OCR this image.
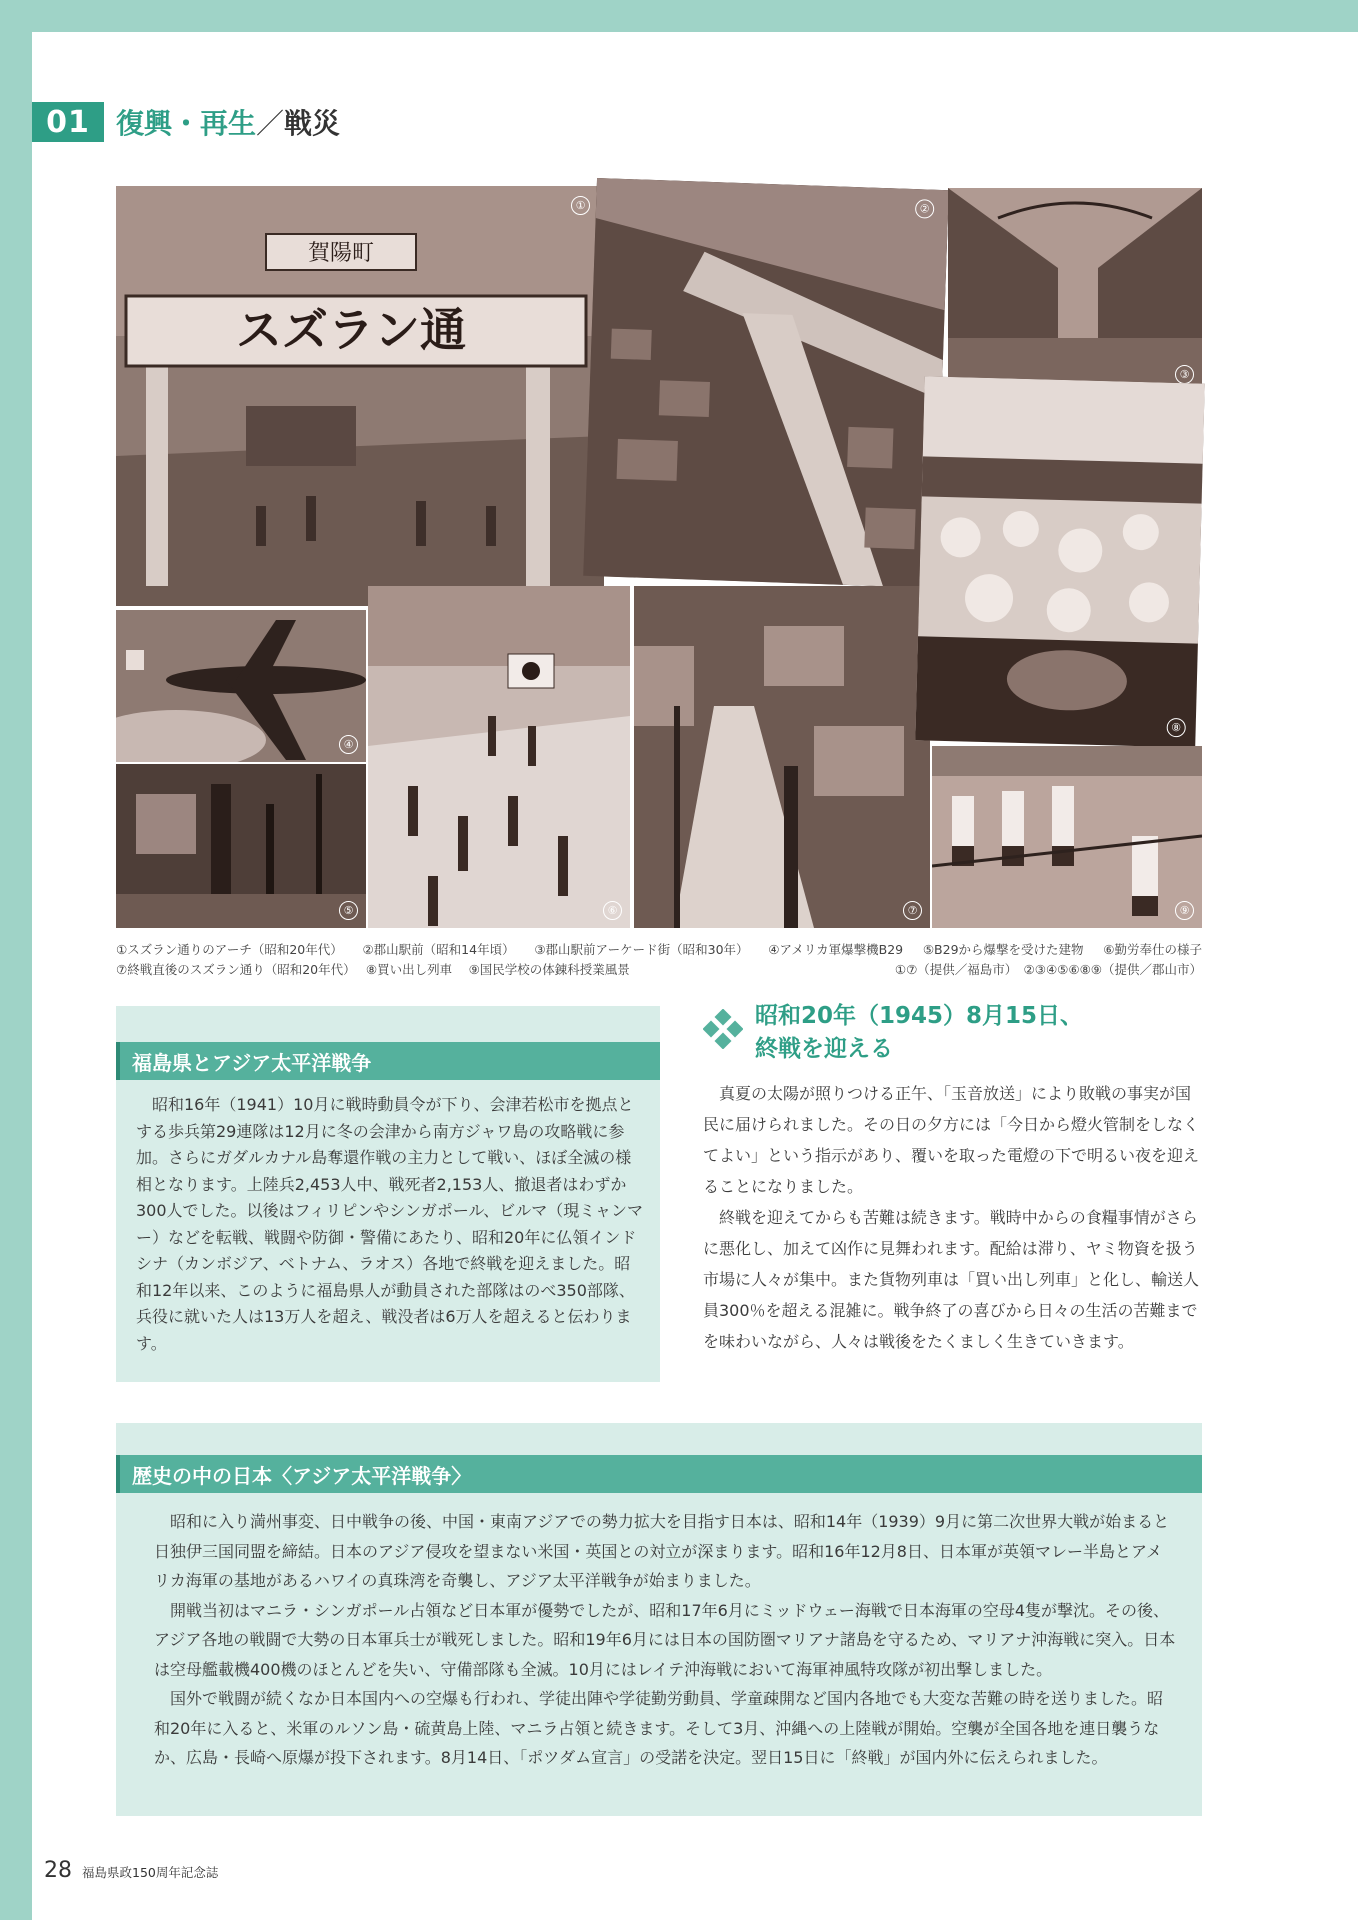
01 復興・再生／戦災
スズラン通
賀陽町
①	②
③
④
⑤	⑥	⑦
⑧
⑨
①スズラン通りのアーチ（昭和20年代） ②郡山駅前（昭和14年頃） ③郡山駅前アーケード街（昭和30年） ④アメリカ軍爆撃機B29 ⑤B29から爆撃を受けた建物 ⑥勤労奉仕の様子
⑦終戦直後のスズラン通り（昭和20年代）　 ⑧買い出し列車　 ⑨国民学校の体錬科授業風景	①⑦（提供／福島市）　②③④⑤⑥⑧⑨（提供／郡山市）
福島県とアジア太平洋戦争

昭和16年（1941）10月に戦時動員令が下り、会津若松市を拠点とする歩兵第29連隊は12月に冬の会津から南方ジャワ島の攻略戦に参加。さらにガダルカナル島奪還作戦の主力として戦い、ほぼ全滅の様相となります。上陸兵2,453人中、戦死者2,153人、撤退者はわずか300人でした。以後はフィリピンやシンガポール、ビルマ（現ミャンマー）などを転戦、戦闘や防御・警備にあたり、昭和20年に仏領インドシナ（カンボジア、ベトナム、ラオス）各地で終戦を迎えました。昭和12年以来、このように福島県人が動員された部隊はのべ350部隊、兵役に就いた人は13万人を超え、戦没者は6万人を超えると伝わります。

昭和20年（1945）8月15日、
終戦を迎える

真夏の太陽が照りつける正午、「玉音放送」により敗戦の事実が国民に届けられました。その日の夕方には「今日から燈火管制をしなくてよい」という指示があり、覆いを取った電燈の下で明るい夜を迎えることになりました。

終戦を迎えてからも苦難は続きます。戦時中からの食糧事情がさらに悪化し、加えて凶作に見舞われます。配給は滞り、ヤミ物資を扱う市場に人々が集中。また貨物列車は「買い出し列車」と化し、輸送人員300％を超える混雑に。戦争終了の喜びから日々の生活の苦難までを味わいながら、人々は戦後をたくましく生きていきます。

歴史の中の日本〈アジア太平洋戦争〉

昭和に入り満州事変、日中戦争の後、中国・東南アジアでの勢力拡大を目指す日本は、昭和14年（1939）9月に第二次世界大戦が始まると日独伊三国同盟を締結。日本のアジア侵攻を望まない米国・英国との対立が深まります。昭和16年12月8日、日本軍が英領マレー半島とアメリカ海軍の基地があるハワイの真珠湾を奇襲し、アジア太平洋戦争が始まりました。

開戦当初はマニラ・シンガポール占領など日本軍が優勢でしたが、昭和17年6月にミッドウェー海戦で日本海軍の空母4隻が撃沈。その後、アジア各地の戦闘で大勢の日本軍兵士が戦死しました。昭和19年6月には日本の国防圏マリアナ諸島を守るため、マリアナ沖海戦に突入。日本は空母艦載機400機のほとんどを失い、守備部隊も全滅。10月にはレイテ沖海戦において海軍神風特攻隊が初出撃しました。

国外で戦闘が続くなか日本国内への空爆も行われ、学徒出陣や学徒勤労動員、学童疎開など国内各地でも大変な苦難の時を送りました。昭和20年に入ると、米軍のルソン島・硫黄島上陸、マニラ占領と続きます。そして3月、沖縄への上陸戦が開始。空襲が全国各地を連日襲うなか、広島・長崎へ原爆が投下されます。8月14日、「ポツダム宣言」の受諾を決定。翌日15日に「終戦」が国内外に伝えられました。

28 福島県政150周年記念誌
